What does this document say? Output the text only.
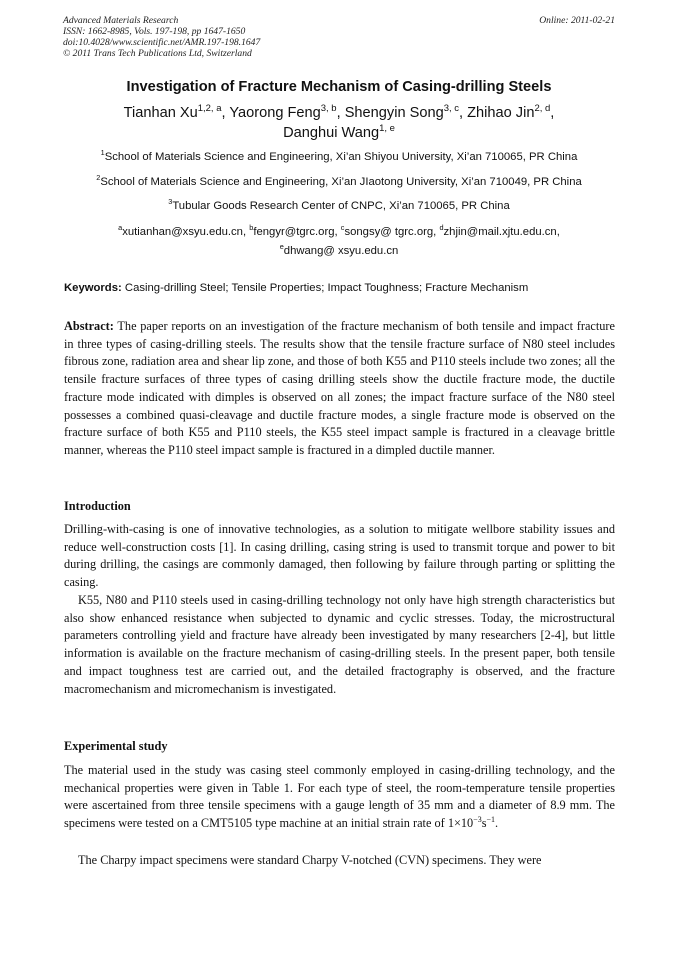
Advanced Materials Research
ISSN: 1662-8985, Vols. 197-198, pp 1647-1650
doi:10.4028/www.scientific.net/AMR.197-198.1647
© 2011 Trans Tech Publications Ltd, Switzerland
Online: 2011-02-21
Investigation of Fracture Mechanism of Casing-drilling Steels
Tianhan Xu$^{1,2, a}$, Yaorong Feng$^{3, b}$, Shengyin Song$^{3, c}$, Zhihao Jin$^{2, d}$,
Danghui Wang$^{1, e}$
$^1$School of Materials Science and Engineering, Xi’an Shiyou University, Xi’an 710065, PR China
$^2$School of Materials Science and Engineering, Xi’an JIaotong University, Xi’an 710049, PR China
$^3$Tubular Goods Research Center of CNPC, Xi’an 710065, PR China
$^a$xutianhan@xsyu.edu.cn, $^b$fengyr@tgrc.org, $^c$songsy@ tgrc.org, $^d$zhjin@mail.xjtu.edu.cn,
$^e$dhwang@ xsyu.edu.cn
Keywords: Casing-drilling Steel; Tensile Properties; Impact Toughness; Fracture Mechanism
Abstract: The paper reports on an investigation of the fracture mechanism of both tensile and impact fracture in three types of casing-drilling steels. The results show that the tensile fracture surface of N80 steel includes fibrous zone, radiation area and shear lip zone, and those of both K55 and P110 steels include two zones; all the tensile fracture surfaces of three types of casing drilling steels show the ductile fracture mode, the ductile fracture mode indicated with dimples is observed on all zones; the impact fracture surface of the N80 steel possesses a combined quasi-cleavage and ductile fracture modes, a single fracture mode is observed on the fracture surface of both K55 and P110 steels, the K55 steel impact sample is fractured in a cleavage brittle manner, whereas the P110 steel impact sample is fractured in a dimpled ductile manner.
Introduction
Drilling-with-casing is one of innovative technologies, as a solution to mitigate wellbore stability issues and reduce well-construction costs [1]. In casing drilling, casing string is used to transmit torque and power to bit during drilling, the casings are commonly damaged, then following by failure through parting or splitting the casing.
K55, N80 and P110 steels used in casing-drilling technology not only have high strength characteristics but also show enhanced resistance when subjected to dynamic and cyclic stresses. Today, the microstructural parameters controlling yield and fracture have already been investigated by many researchers [2-4], but little information is available on the fracture mechanism of casing-drilling steels. In the present paper, both tensile and impact toughness test are carried out, and the detailed fractography is observed, and the fracture macromechanism and micromechanism is investigated.
Experimental study
The material used in the study was casing steel commonly employed in casing-drilling technology, and the mechanical properties were given in Table 1. For each type of steel, the room-temperature tensile properties were ascertained from three tensile specimens with a gauge length of 35 mm and a diameter of 8.9 mm. The specimens were tested on a CMT5105 type machine at an initial strain rate of $1\times 10^{-3}s^{-1}$.
The Charpy impact specimens were standard Charpy V-notched (CVN) specimens. They were
